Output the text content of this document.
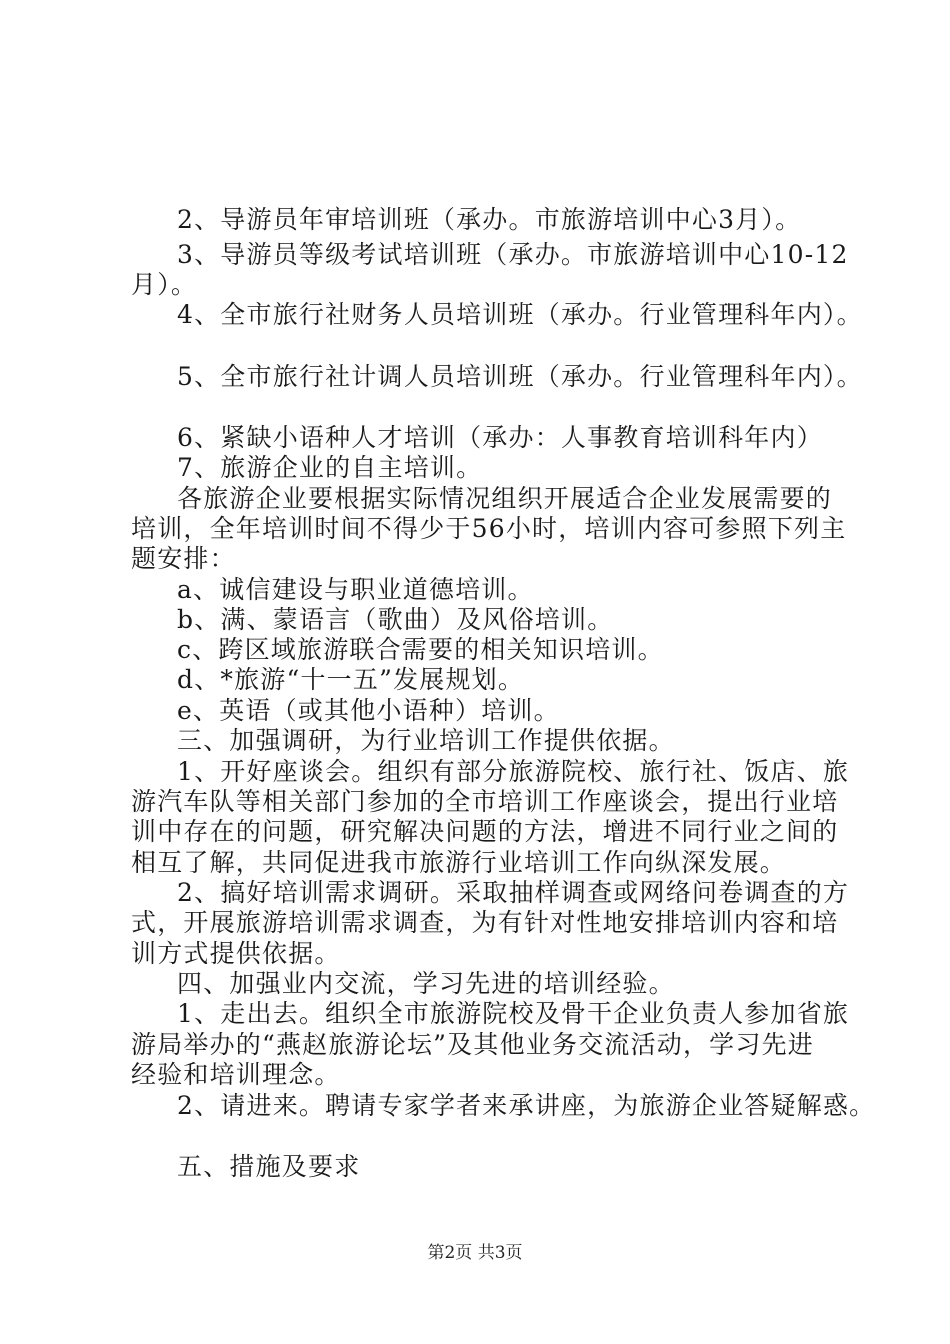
2、导游员年审培训班（承办。市旅游培训中心3月）。
3、导游员等级考试培训班（承办。市旅游培训中心10-12
月）。
4、全市旅行社财务人员培训班（承办。行业管理科年内）。
5、全市旅行社计调人员培训班（承办。行业管理科年内）。
6、紧缺小语种人才培训（承办：人事教育培训科年内）
7、旅游企业的自主培训。
各旅游企业要根据实际情况组织开展适合企业发展需要的
培训，全年培训时间不得少于56小时，培训内容可参照下列主
题安排：
a、诚信建设与职业道德培训。
b、满、蒙语言（歌曲）及风俗培训。
c、跨区域旅游联合需要的相关知识培训。
d、*旅游“十一五”发展规划。
e、英语（或其他小语种）培训。
三、加强调研，为行业培训工作提供依据。
1、开好座谈会。组织有部分旅游院校、旅行社、饭店、旅
游汽车队等相关部门参加的全市培训工作座谈会，提出行业培
训中存在的问题，研究解决问题的方法，增进不同行业之间的
相互了解，共同促进我市旅游行业培训工作向纵深发展。
2、搞好培训需求调研。采取抽样调查或网络问卷调查的方
式，开展旅游培训需求调查，为有针对性地安排培训内容和培
训方式提供依据。
四、加强业内交流，学习先进的培训经验。
1、走出去。组织全市旅游院校及骨干企业负责人参加省旅
游局举办的“燕赵旅游论坛”及其他业务交流活动，学习先进
经验和培训理念。
2、请进来。聘请专家学者来承讲座，为旅游企业答疑解惑。
五、措施及要求
第2页 共3页
